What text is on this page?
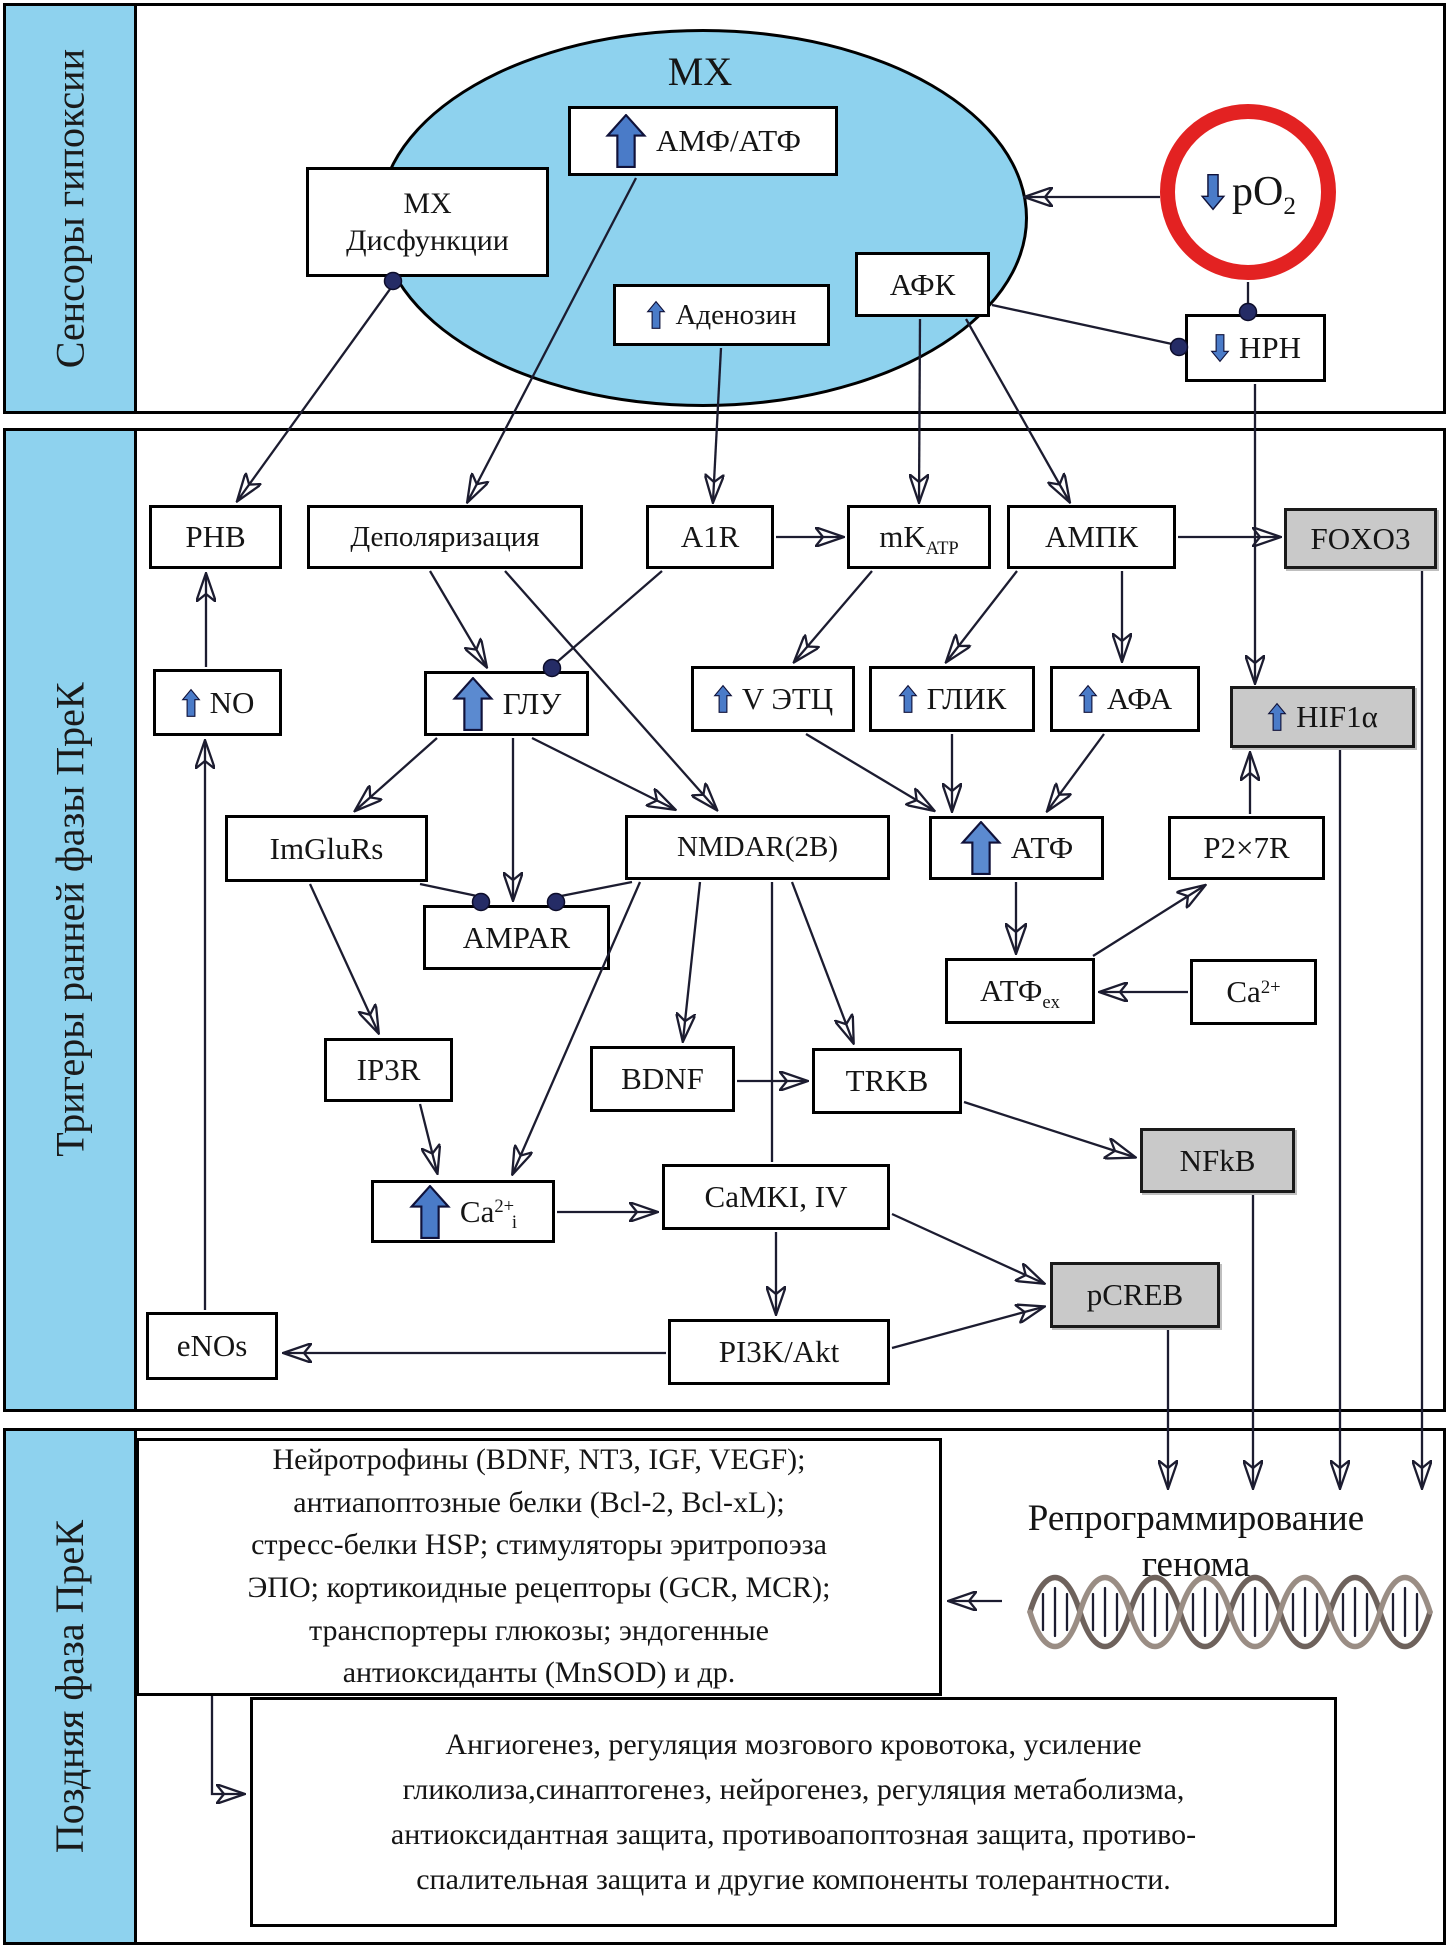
Сенсоры гипоксии
Тригеры ранней фазы ПреК
Поздняя фаза ПреК
МХ
АМФ/АТФ
Аденозин
МХ
Дисфункции
АФК
$pO_2$
НРН
РНВ	Деполяризация	A1R	$mK_{ATP}$	АМПК	FOXO3
NO	ГЛУ	V ЭТЦ	ГЛИК	АФА
HIF1α
ImGluRs	NMDAR(2B)	АТФ	P2×7R
AMPAR
$АТФ_{ex}$	$Ca^{2+}$
IP3R	BDNF	TRKB
NFkB
$Ca^{2+}_i$
CaMKI, IV
pCREB
eNOs	PI3K/Akt
Нейротрофины (BDNF, NT3, IGF, VEGF);
антиапоптозные белки (Bcl-2, Bcl-xL);
стресс-белки HSP; стимуляторы эритропоэза
ЭПО; кортикоидные рецепторы (GCR, MCR);
транспортеры глюкозы; эндогенные
антиоксиданты (MnSOD) и др.
Репрограммирование
генома
Ангиогенез, регуляция мозгового кровотока, усиление
гликолиза,синаптогенез, нейрогенез, регуляция метаболизма,
антиоксидантная защита, противоапоптозная защита, противо-
спалительная защита и другие компоненты толерантности.
